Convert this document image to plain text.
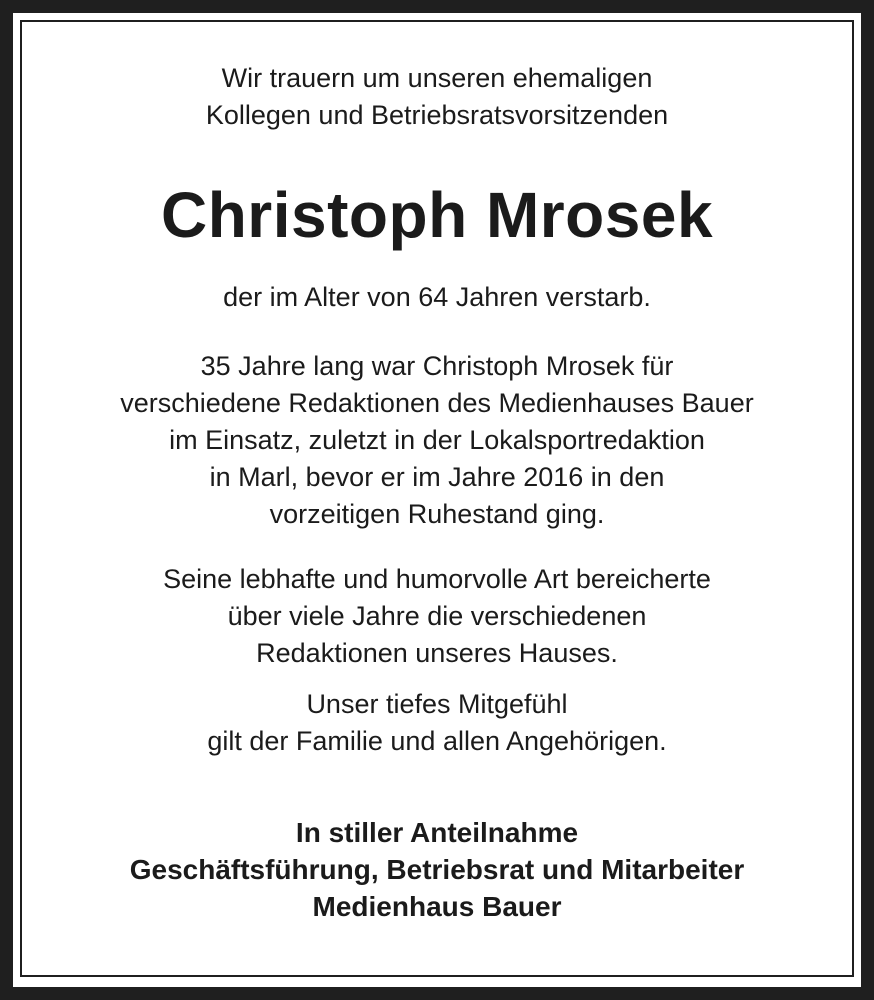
Wir trauern um unseren ehemaligen
Kollegen und Betriebsratsvorsitzenden
Christoph Mrosek
der im Alter von 64 Jahren verstarb.
35 Jahre lang war Christoph Mrosek für
verschiedene Redaktionen des Medienhauses Bauer
im Einsatz, zuletzt in der Lokalsportredaktion
in Marl, bevor er im Jahre 2016 in den
vorzeitigen Ruhestand ging.
Seine lebhafte und humorvolle Art bereicherte
über viele Jahre die verschiedenen
Redaktionen unseres Hauses.
Unser tiefes Mitgefühl
gilt der Familie und allen Angehörigen.
In stiller Anteilnahme
Geschäftsführung, Betriebsrat und Mitarbeiter
Medienhaus Bauer
